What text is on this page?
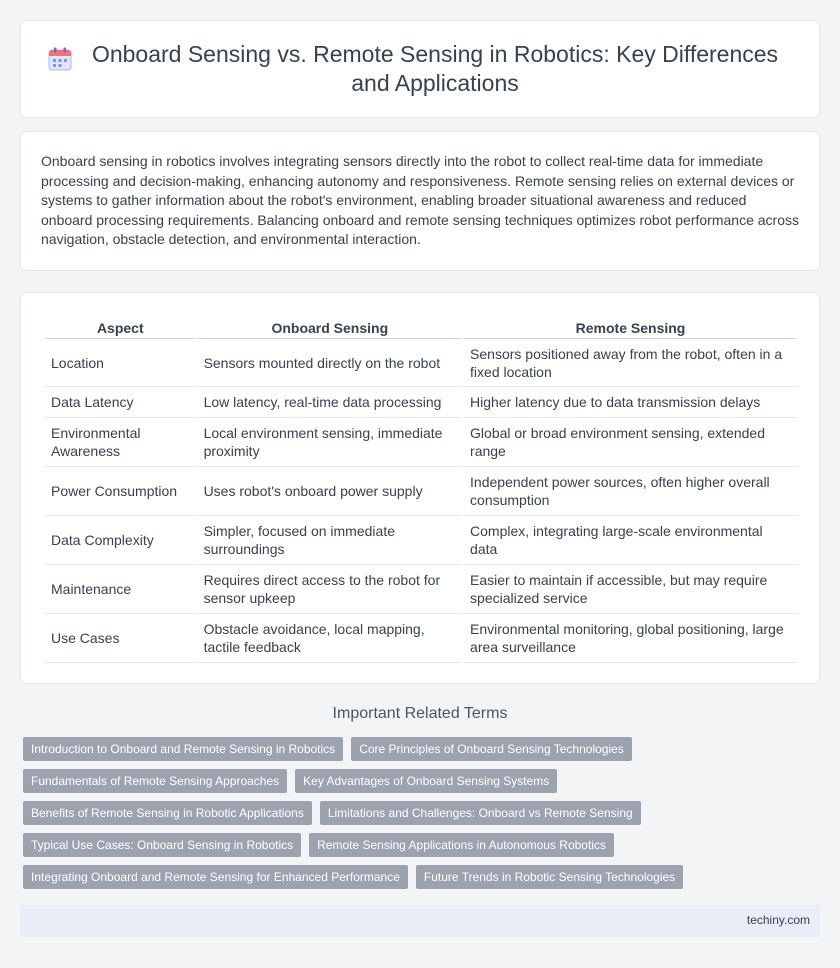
Onboard Sensing vs. Remote Sensing in Robotics: Key Differences and Applications

Onboard sensing in robotics involves integrating sensors directly into the robot to collect real-time data for immediate processing and decision-making, enhancing autonomy and responsiveness. Remote sensing relies on external devices or systems to gather information about the robot's environment, enabling broader situational awareness and reduced onboard processing requirements. Balancing onboard and remote sensing techniques optimizes robot performance across navigation, obstacle detection, and environmental interaction.

Aspect	Onboard Sensing	Remote Sensing
Location	Sensors mounted directly on the robot	Sensors positioned away from the robot, often in a fixed location
Data Latency	Low latency, real-time data processing	Higher latency due to data transmission delays
Environmental Awareness	Local environment sensing, immediate proximity	Global or broad environment sensing, extended range
Power Consumption	Uses robot's onboard power supply	Independent power sources, often higher overall consumption
Data Complexity	Simpler, focused on immediate surroundings	Complex, integrating large-scale environmental data
Maintenance	Requires direct access to the robot for sensor upkeep	Easier to maintain if accessible, but may require specialized service
Use Cases	Obstacle avoidance, local mapping, tactile feedback	Environmental monitoring, global positioning, large area surveillance
Important Related Terms
Introduction to Onboard and Remote Sensing in Robotics	Core Principles of Onboard Sensing Technologies
Fundamentals of Remote Sensing Approaches	Key Advantages of Onboard Sensing Systems
Benefits of Remote Sensing in Robotic Applications	Limitations and Challenges: Onboard vs Remote Sensing
Typical Use Cases: Onboard Sensing in Robotics	Remote Sensing Applications in Autonomous Robotics
Integrating Onboard and Remote Sensing for Enhanced Performance	Future Trends in Robotic Sensing Technologies
techiny.com
